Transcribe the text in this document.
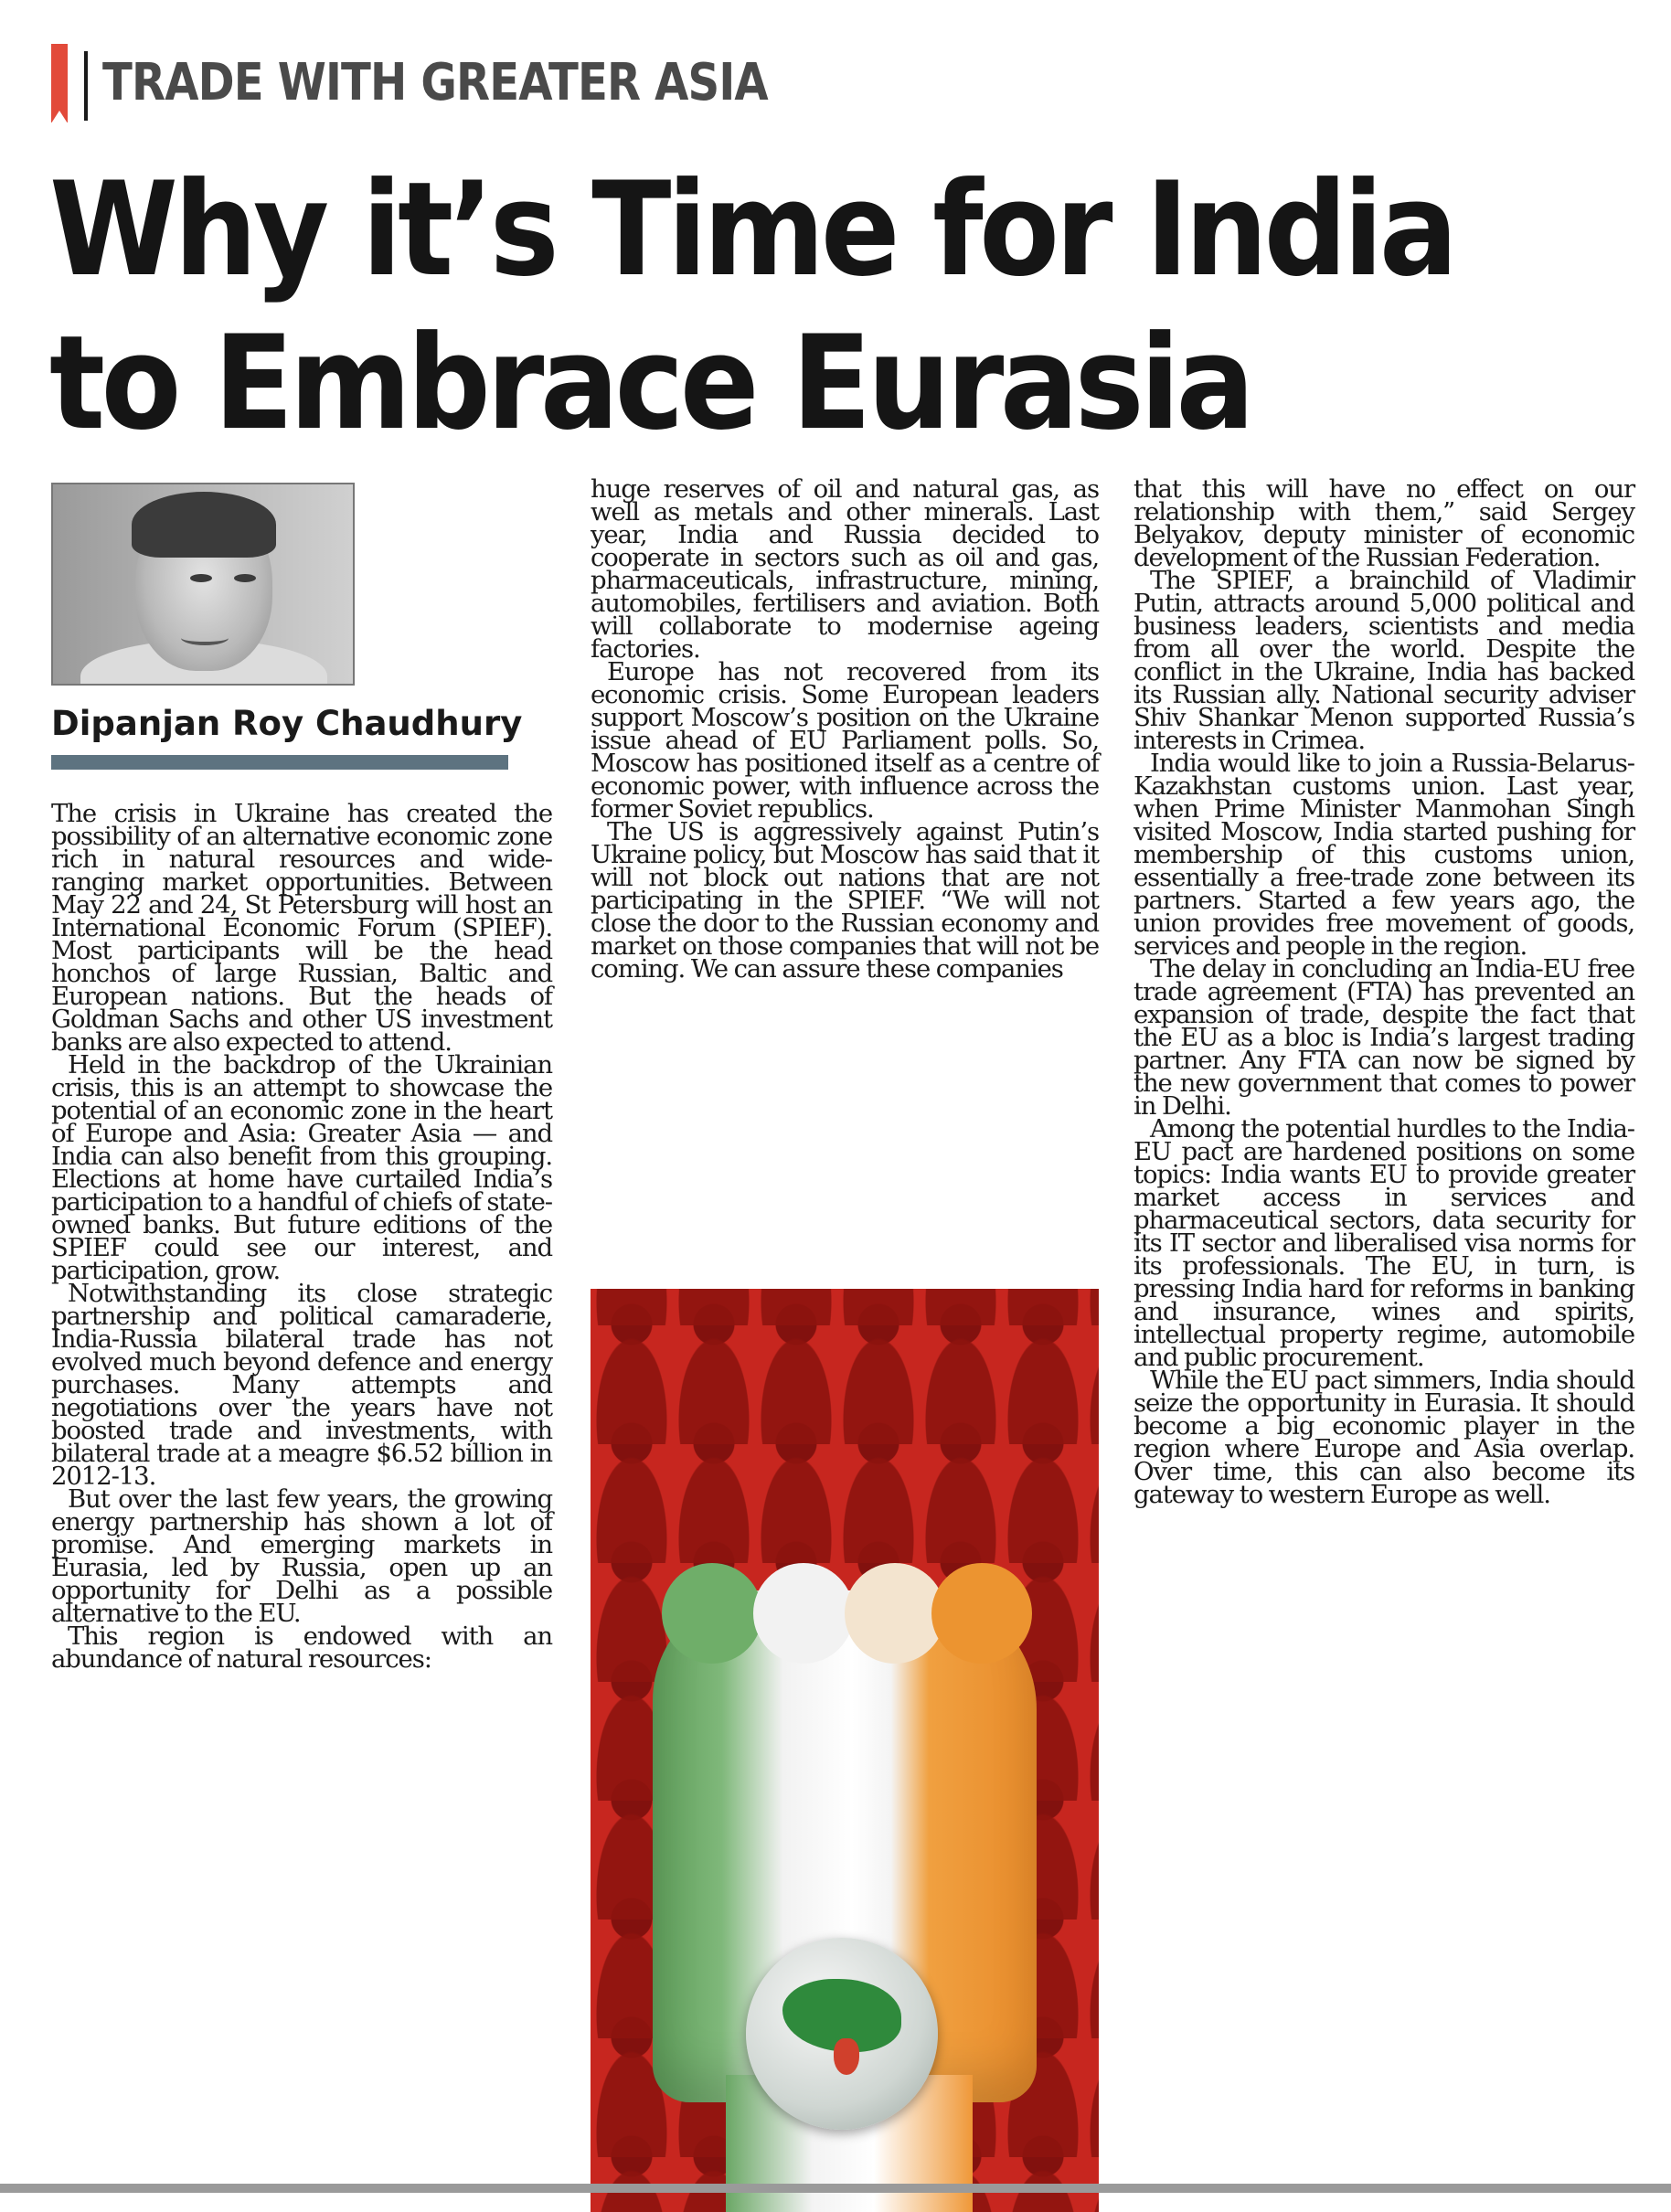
TRADE WITH GREATER ASIA
Why it’s Time for India
to Embrace Eurasia
Dipanjan Roy Chaudhury

The crisis in Ukraine has created the possibility of an alternative economic zone rich in natural resources and wide-ranging market opportunities. Between May 22 and 24, St Petersburg will host an International Economic Forum (SPIEF). Most participants will be the head honchos of large Russian, Baltic and European nations. But the heads of Goldman Sachs and other US investment banks are also expected to attend.

Held in the backdrop of the Ukrainian crisis, this is an attempt to showcase the potential of an economic zone in the heart of Europe and Asia: Greater Asia — and India can also benefit from this grouping. Elections at home have curtailed India’s participation to a handful of chiefs of state-owned banks. But future editions of the SPIEF could see our interest, and participation, grow.

Notwithstanding its close strategic partnership and political camaraderie, India-Russia bilateral trade has not evolved much beyond defence and energy purchases. Many attempts and negotiations over the years have not boosted trade and investments, with bilateral trade at a meagre $6.52 billion in 2012-13.

But over the last few years, the growing energy partnership has shown a lot of promise. And emerging markets in Eurasia, led by Russia, open up an opportunity for Delhi as a possible alternative to the EU.

This region is endowed with an abundance of natural resources:

huge reserves of oil and natural gas, as well as metals and other minerals. Last year, India and Russia decided to cooperate in sectors such as oil and gas, pharmaceuticals, infrastructure, mining, automobiles, fertilisers and aviation. Both will collaborate to modernise ageing factories.

Europe has not recovered from its economic crisis. Some European leaders support Moscow’s position on the Ukraine issue ahead of EU Parliament polls. So, Moscow has positioned itself as a centre of economic power, with influence across the former Soviet republics.

The US is aggressively against Putin’s Ukraine policy, but Moscow has said that it will not block out nations that are not participating in the SPIEF. “We will not close the door to the Russian economy and market on those companies that will not be coming. We can assure these companies

that this will have no effect on our relationship with them,” said Sergey Belyakov, deputy minister of economic development of the Russian Federation.

The SPIEF, a brainchild of Vladimir Putin, attracts around 5,000 political and business leaders, scientists and media from all over the world. Despite the conflict in the Ukraine, India has backed its Russian ally. National security adviser Shiv Shankar Menon supported Russia’s interests in Crimea.

India would like to join a Russia-Belarus-Kazakhstan customs union. Last year, when Prime Minister Manmohan Singh visited Moscow, India started pushing for membership of this customs union, essentially a free-trade zone between its partners. Started a few years ago, the union provides free movement of goods, services and people in the region.

The delay in concluding an India-EU free trade agreement (FTA) has prevented an expansion of trade, despite the fact that the EU as a bloc is India’s largest trading partner. Any FTA can now be signed by the new government that comes to power in Delhi.

Among the potential hurdles to the India-EU pact are hardened positions on some topics: India wants EU to provide greater market access in services and pharmaceutical sectors, data security for its IT sector and liberalised visa norms for its professionals. The EU, in turn, is pressing India hard for reforms in banking and insurance, wines and spirits, intellectual property regime, automobile and public procurement.

While the EU pact simmers, India should seize the opportunity in Eurasia. It should become a big economic player in the region where Europe and Asia overlap. Over time, this can also become its gateway to western Europe as well.
